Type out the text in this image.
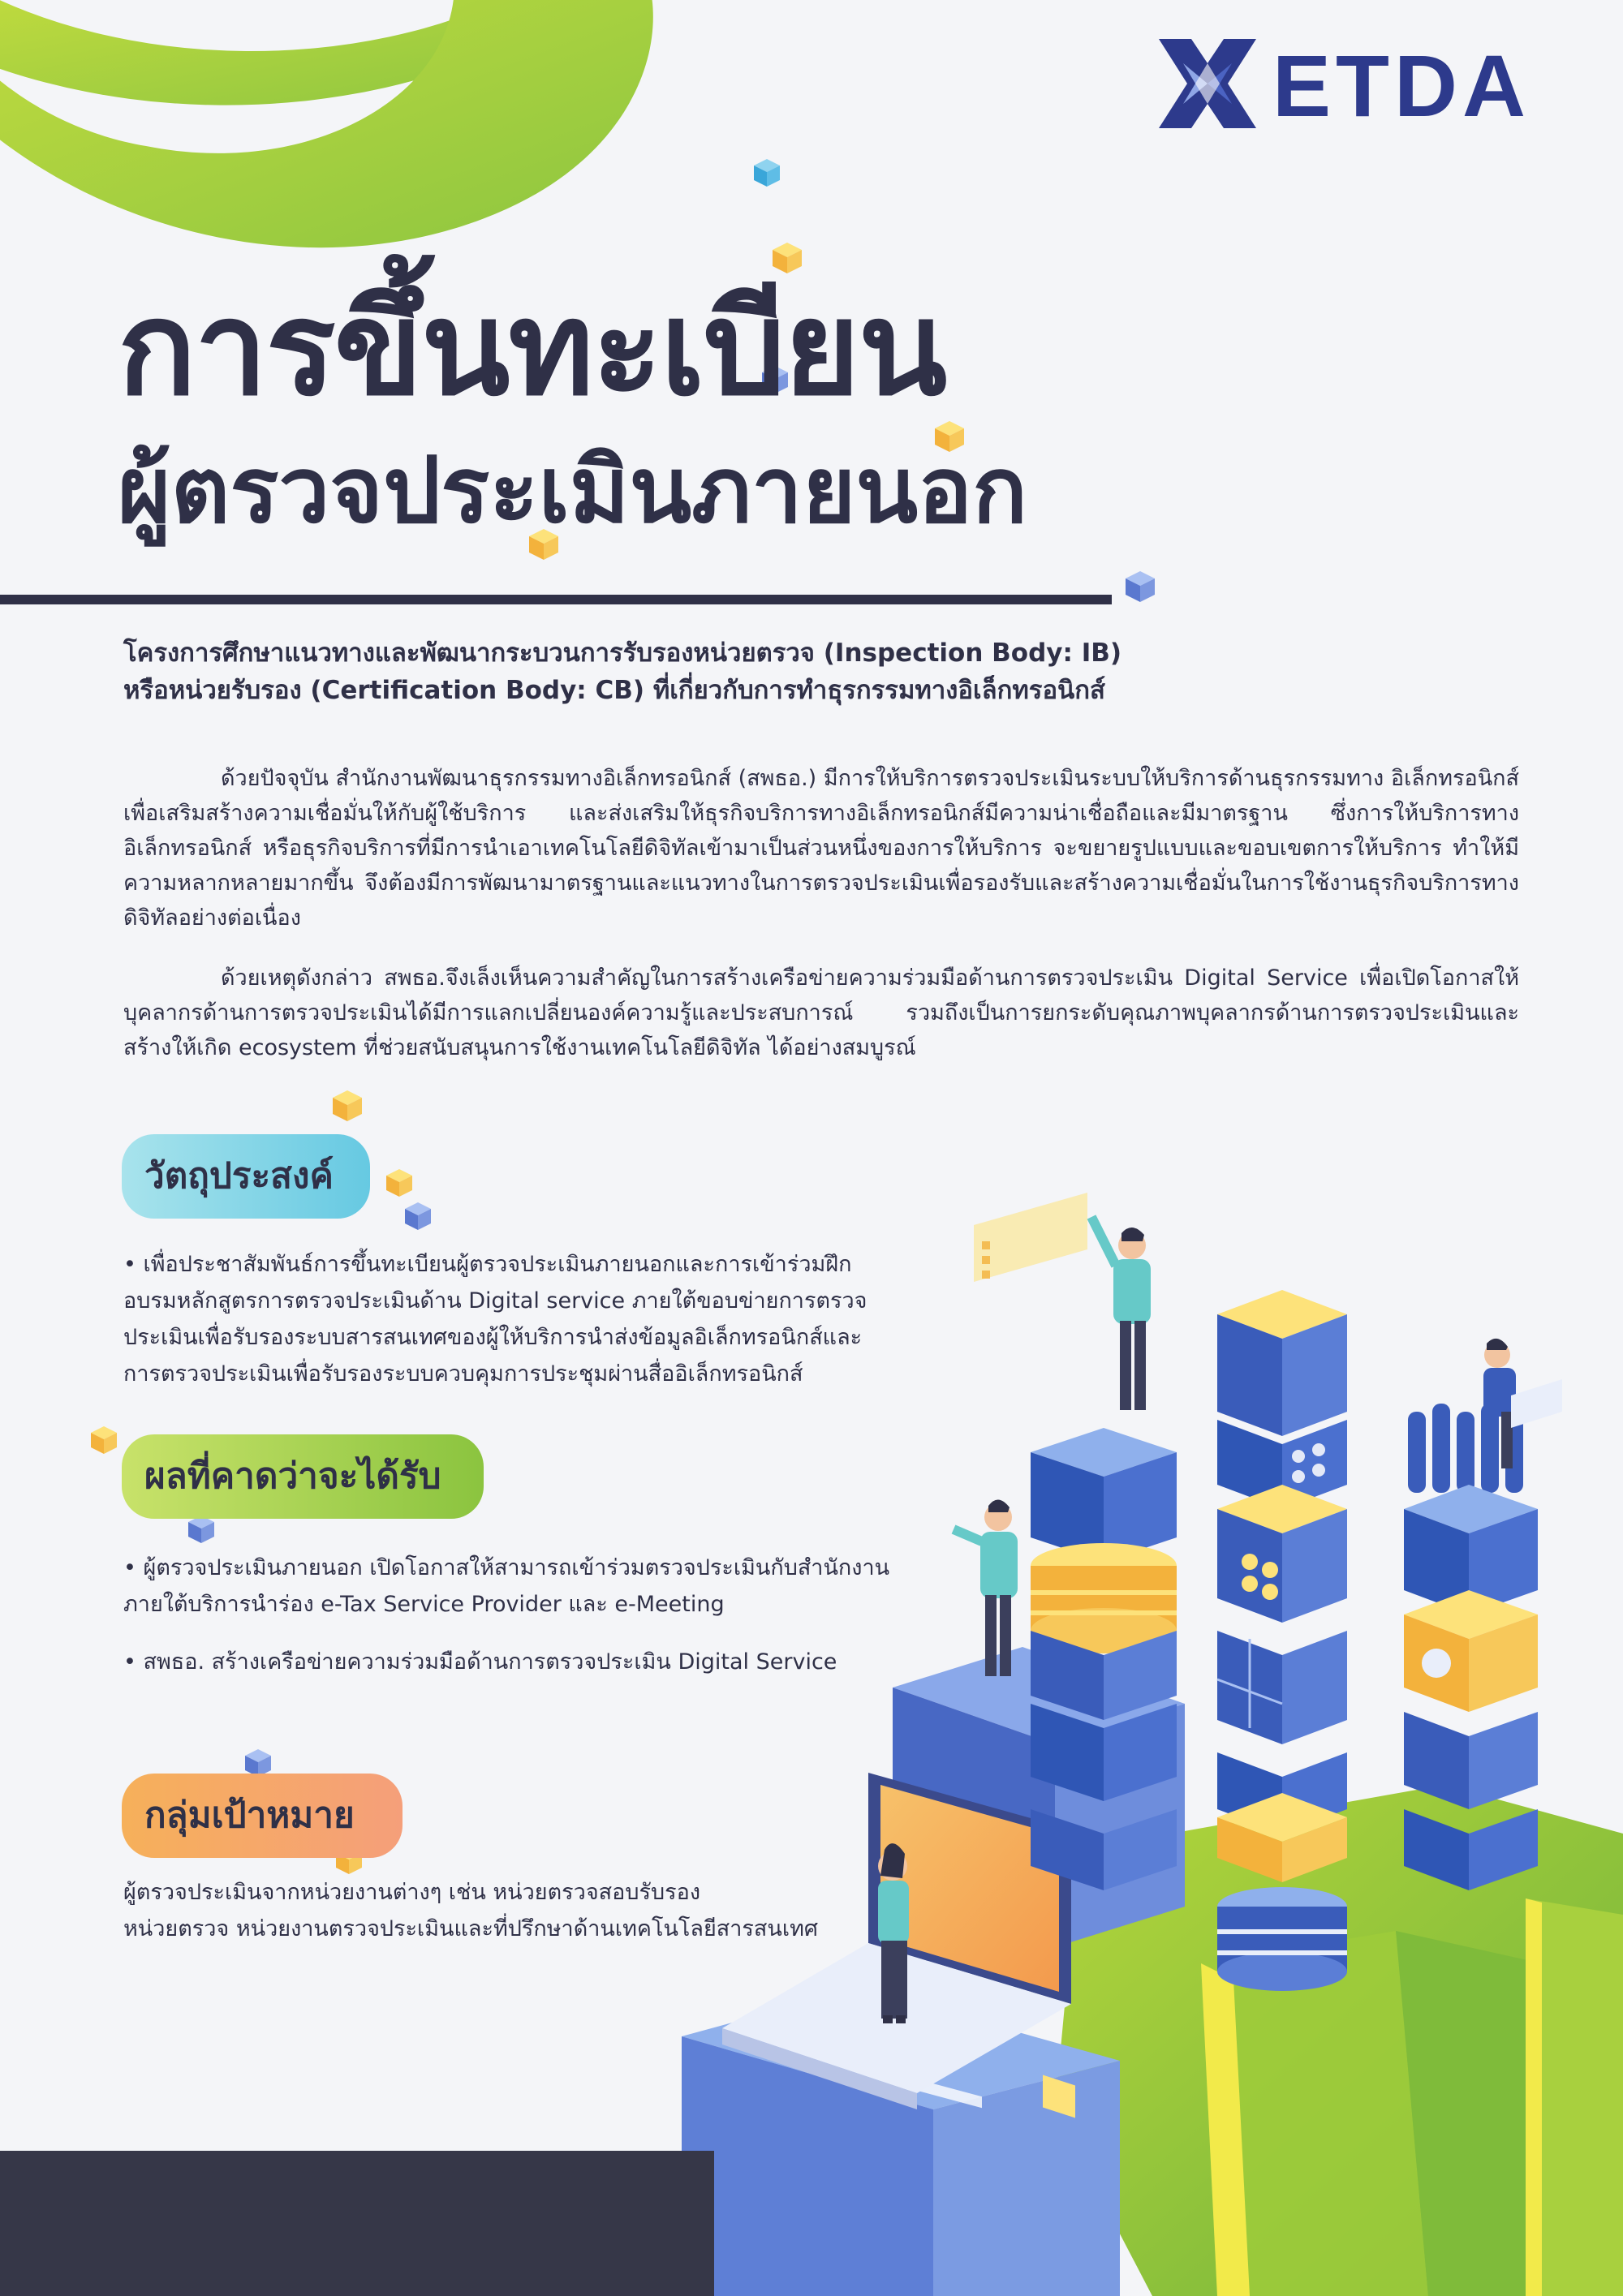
ETDA
การขึ้นทะเบียน
ผู้ตรวจประเมินภายนอก
โครงการศึกษาแนวทางและพัฒนากระบวนการรับรองหน่วยตรวจ (Inspection Body: IB)
หรือหน่วยรับรอง (Certification Body: CB) ที่เกี่ยวกับการทำธุรกรรมทางอิเล็กทรอนิกส์
ด้วยปัจจุบัน สำนักงานพัฒนาธุรกรรมทางอิเล็กทรอนิกส์ (สพธอ.) มีการให้บริการตรวจประเมินระบบให้บริการด้านธุรกรรมทาง อิเล็กทรอนิกส์ เพื่อเสริมสร้างความเชื่อมั่นให้กับผู้ใช้บริการ และส่งเสริมให้ธุรกิจบริการทางอิเล็กทรอนิกส์มีความน่าเชื่อถือและมีมาตรฐาน ซึ่งการให้บริการทางอิเล็กทรอนิกส์ หรือธุรกิจบริการที่มีการนำเอาเทคโนโลยีดิจิทัลเข้ามาเป็นส่วนหนึ่งของการให้บริการ จะขยายรูปแบบและขอบเขตการให้บริการ ทำให้มีความหลากหลายมากขึ้น จึงต้องมีการพัฒนามาตรฐานและแนวทางในการตรวจประเมินเพื่อรองรับและสร้างความเชื่อมั่นในการใช้งานธุรกิจบริการทางดิจิทัลอย่างต่อเนื่อง
ด้วยเหตุดังกล่าว สพธอ.จึงเล็งเห็นความสำคัญในการสร้างเครือข่ายความร่วมมือด้านการตรวจประเมิน Digital Service เพื่อเปิดโอกาสให้บุคลากรด้านการตรวจประเมินได้มีการแลกเปลี่ยนองค์ความรู้และประสบการณ์ รวมถึงเป็นการยกระดับคุณภาพบุคลากรด้านการตรวจประเมินและสร้างให้เกิด ecosystem ที่ช่วยสนับสนุนการใช้งานเทคโนโลยีดิจิทัล ได้อย่างสมบูรณ์
วัตถุประสงค์
• เพื่อประชาสัมพันธ์การขึ้นทะเบียนผู้ตรวจประเมินภายนอกและการเข้าร่วมฝึกอบรมหลักสูตรการตรวจประเมินด้าน Digital service ภายใต้ขอบข่ายการตรวจประเมินเพื่อรับรองระบบสารสนเทศของผู้ให้บริการนำส่งข้อมูลอิเล็กทรอนิกส์และการตรวจประเมินเพื่อรับรองระบบควบคุมการประชุมผ่านสื่ออิเล็กทรอนิกส์
ผลที่คาดว่าจะได้รับ
• ผู้ตรวจประเมินภายนอก เปิดโอกาสให้สามารถเข้าร่วมตรวจประเมินกับสำนักงาน ภายใต้บริการนำร่อง e-Tax Service Provider และ e-Meeting
• สพธอ. สร้างเครือข่ายความร่วมมือด้านการตรวจประเมิน Digital Service
กลุ่มเป้าหมาย
ผู้ตรวจประเมินจากหน่วยงานต่างๆ เช่น หน่วยตรวจสอบรับรอง
หน่วยตรวจ หน่วยงานตรวจประเมินและที่ปรึกษาด้านเทคโนโลยีสารสนเทศ
